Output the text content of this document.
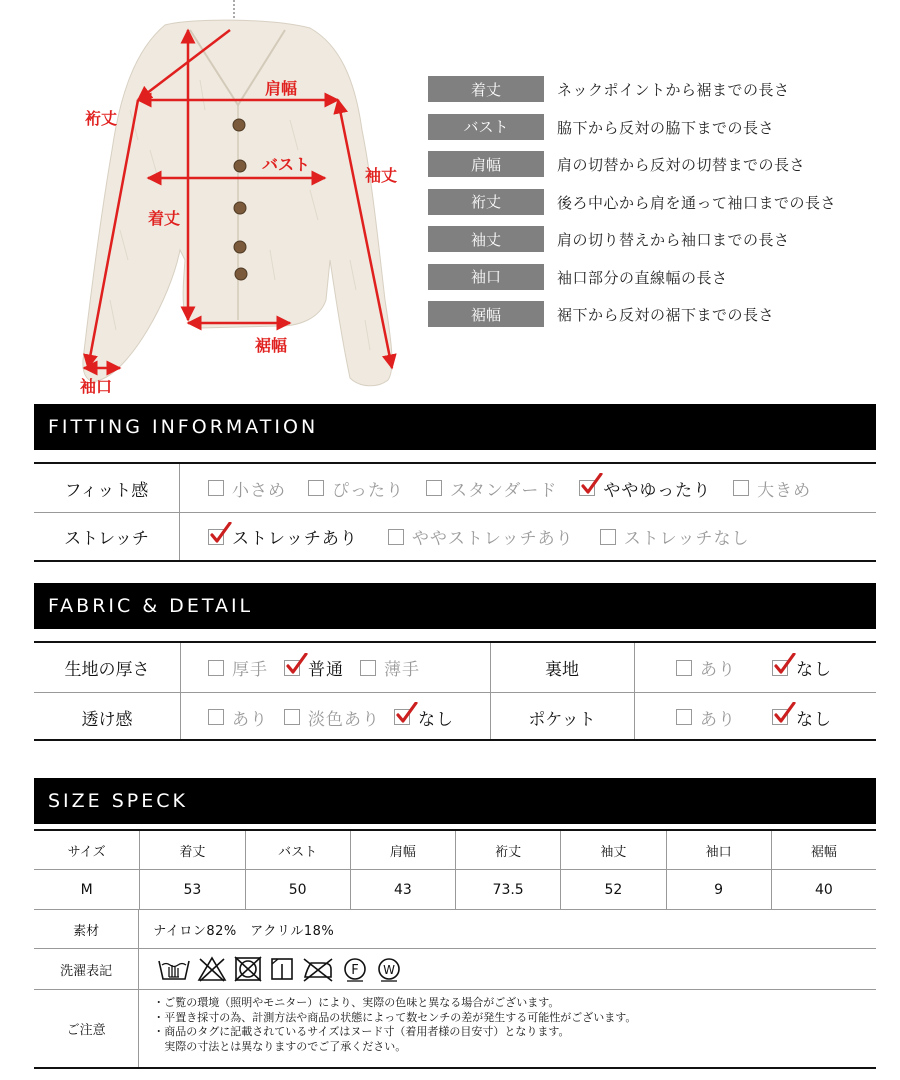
裄丈
肩幅
バスト
袖丈
着丈
裾幅
袖口
着丈	ネックポイントから裾までの長さ
バスト	脇下から反対の脇下までの長さ
肩幅	肩の切替から反対の切替までの長さ
裄丈	後ろ中心から肩を通って袖口までの長さ
袖丈	肩の切り替えから袖口までの長さ
袖口	袖口部分の直線幅の長さ
裾幅	裾下から反対の裾下までの長さ
FITTING INFORMATION
フィット感	小さめ	ぴったり	スタンダード	ややゆったり	大きめ
ストレッチ	ストレッチあり	ややストレッチあり	ストレッチなし
FABRIC & DETAIL
生地の厚さ	厚手 普通 薄手	裏地	あり	なし
透け感	あり 淡色あり なし	ポケット	あり	なし
SIZE SPECK
サイズ	着丈	バスト	肩幅	裄丈	袖丈	袖口	裾幅
M	53	50	43	73.5	52	9	40
素材	ナイロン82%　アクリル18%
洗濯表記	F W
ご注意
・ご覧の環境（照明やモニター）により、実際の色味と異なる場合がございます。
・平置き採寸の為、計測方法や商品の状態によって数センチの差が発生する可能性がございます。
・商品のタグに記載されているサイズはヌード寸（着用者様の目安寸）となります。
　実際の寸法とは異なりますのでご了承ください。
